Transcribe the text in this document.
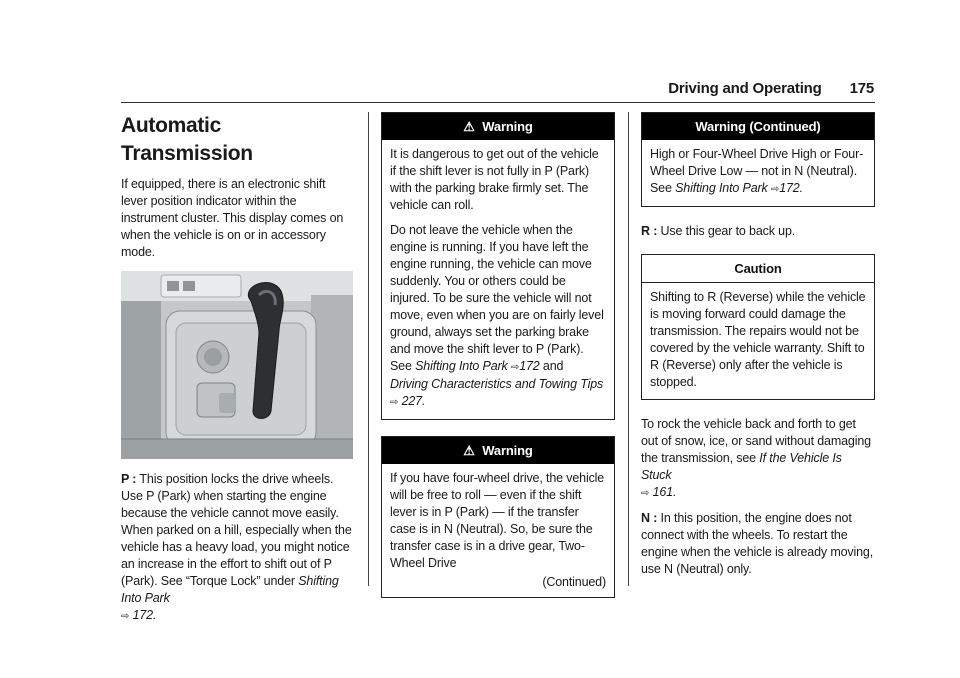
Driving and Operating 175
Automatic Transmission

If equipped, there is an electronic shift lever position indicator within the instrument cluster. This display comes on when the vehicle is on or in accessory mode.

P : This position locks the drive wheels. Use P (Park) when starting the engine because the vehicle cannot move easily. When parked on a hill, especially when the vehicle has a heavy load, you might notice an increase in the effort to shift out of P (Park). See “Torque Lock” under Shifting Into Park
⇨ 172.

⚠ Warning

It is dangerous to get out of the vehicle if the shift lever is not fully in P (Park) with the parking brake firmly set. The vehicle can roll.

Do not leave the vehicle when the engine is running. If you have left the engine running, the vehicle can move suddenly. You or others could be injured. To be sure the vehicle will not move, even when you are on fairly level ground, always set the parking brake and move the shift lever to P (Park). See Shifting Into Park ⇨172 and
Driving Characteristics and Towing Tips
⇨ 227.

⚠ Warning

If you have four-wheel drive, the vehicle will be free to roll — even if the shift lever is in P (Park) — if the transfer case is in N (Neutral). So, be sure the transfer case is in a drive gear, Two-Wheel Drive

(Continued)
Warning (Continued)

High or Four-Wheel Drive High or Four-Wheel Drive Low — not in N (Neutral). See Shifting Into Park ⇨172.

R : Use this gear to back up.

Caution

Shifting to R (Reverse) while the vehicle is moving forward could damage the transmission. The repairs would not be covered by the vehicle warranty. Shift to R (Reverse) only after the vehicle is stopped.

To rock the vehicle back and forth to get out of snow, ice, or sand without damaging the transmission, see If the Vehicle Is Stuck
⇨ 161.

N : In this position, the engine does not connect with the wheels. To restart the engine when the vehicle is already moving, use N (Neutral) only.
